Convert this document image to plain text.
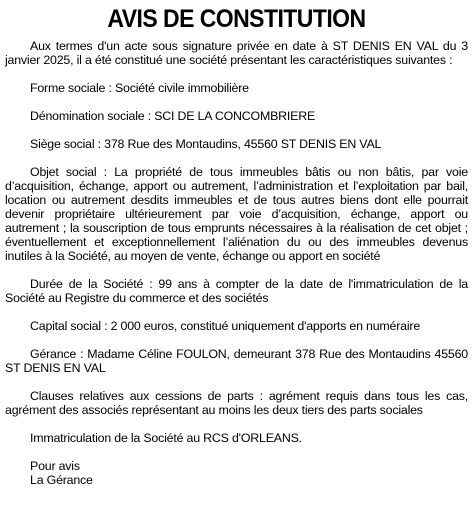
AVIS DE CONSTITUTION

Aux termes d'un acte sous signature privée en date à ST DENIS EN VAL du 3 janvier 2025, il a été constitué une société présentant les caractéristiques suivantes :

Forme sociale : Société civile immobilière

Dénomination sociale : SCI DE LA CONCOMBRIERE

Siège social : 378 Rue des Montaudins, 45560 ST DENIS EN VAL

Objet social : La propriété de tous immeubles bâtis ou non bâtis, par voie d’acquisition, échange, apport ou autrement, l’administration et l’exploitation par bail, location ou autrement desdits immeubles et de tous autres biens dont elle pourrait devenir propriétaire ultérieurement par voie d’acquisition, échange, apport ou autrement ; la souscription de tous emprunts nécessaires à la réalisation de cet objet ; éventuellement et exceptionnellement l’aliénation du ou des immeubles devenus inutiles à la Société, au moyen de vente, échange ou apport en société

Durée de la Société : 99 ans à compter de la date de l'immatriculation de la Société au Registre du commerce et des sociétés

Capital social : 2 000 euros, constitué uniquement d'apports en numéraire

Gérance : Madame Céline FOULON, demeurant 378 Rue des Montaudins 45560 ST DENIS EN VAL

Clauses relatives aux cessions de parts : agrément requis dans tous les cas, agrément des associés représentant au moins les deux tiers des parts sociales

Immatriculation de la Société au RCS d'ORLEANS.

Pour avis
La Gérance
